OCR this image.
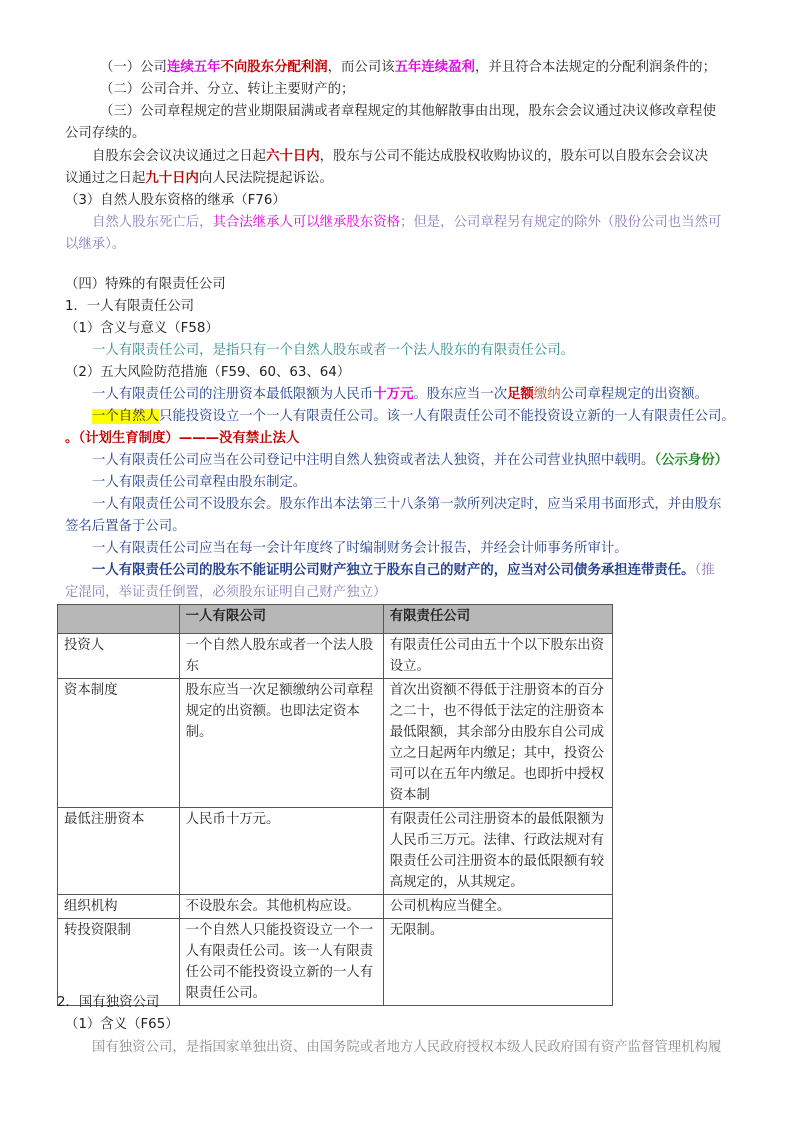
（一）公司连续五年不向股东分配利润，而公司该五年连续盈利，并且符合本法规定的分配利润条件的；
（二）公司合并、分立、转让主要财产的；
（三）公司章程规定的营业期限届满或者章程规定的其他解散事由出现，股东会会议通过决议修改章程使
公司存续的。
自股东会会议决议通过之日起六十日内，股东与公司不能达成股权收购协议的，股东可以自股东会会议决
议通过之日起九十日内向人民法院提起诉讼。
（3）自然人股东资格的继承（F76）
自然人股东死亡后，其合法继承人可以继承股东资格；但是，公司章程另有规定的除外（股份公司也当然可
以继承）。
（四）特殊的有限责任公司
1．一人有限责任公司
（1）含义与意义（F58）
一人有限责任公司，是指只有一个自然人股东或者一个法人股东的有限责任公司。
（2）五大风险防范措施（F59、60、63、64）
一人有限责任公司的注册资本最低限额为人民币十万元。股东应当一次足额缴纳公司章程规定的出资额。
一个自然人只能投资设立一个一人有限责任公司。该一人有限责任公司不能投资设立新的一人有限责任公司。
。（计划生育制度）———没有禁止法人
一人有限责任公司应当在公司登记中注明自然人独资或者法人独资，并在公司营业执照中载明。（公示身份）
一人有限责任公司章程由股东制定。
一人有限责任公司不设股东会。股东作出本法第三十八条第一款所列决定时，应当采用书面形式，并由股东
签名后置备于公司。
一人有限责任公司应当在每一会计年度终了时编制财务会计报告，并经会计师事务所审计。
一人有限责任公司的股东不能证明公司财产独立于股东自己的财产的，应当对公司债务承担连带责任。（推
定混同，举证责任倒置，必须股东证明自己财产独立）
	一人有限公司	有限责任公司
投资人	一个自然人股东或者一个法人股东	有限责任公司由五十个以下股东出资设立。
资本制度	股东应当一次足额缴纳公司章程规定的出资额。也即法定资本制。	首次出资额不得低于注册资本的百分之二十，也不得低于法定的注册资本最低限额，其余部分由股东自公司成立之日起两年内缴足；其中，投资公司可以在五年内缴足。也即折中授权资本制
最低注册资本	人民币十万元。	有限责任公司注册资本的最低限额为人民币三万元。法律、行政法规对有限责任公司注册资本的最低限额有较高规定的，从其规定。
组织机构	不设股东会。其他机构应设。	公司机构应当健全。
转投资限制	一个自然人只能投资设立一个一人有限责任公司。该一人有限责任公司不能投资设立新的一人有限责任公司。	无限制。
2．国有独资公司
（1）含义（F65）
国有独资公司，是指国家单独出资、由国务院或者地方人民政府授权本级人民政府国有资产监督管理机构履
